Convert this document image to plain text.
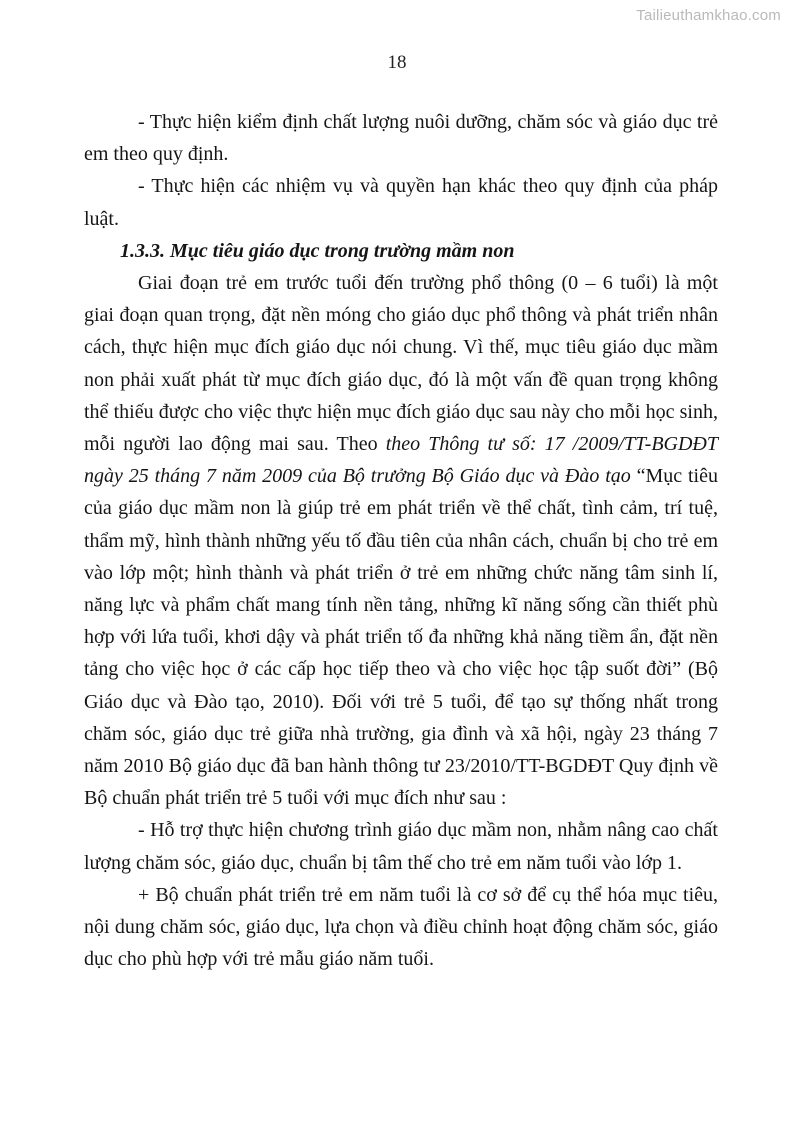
Tailieuthamkhao.com
18

- Thực hiện kiểm định chất lượng nuôi dưỡng, chăm sóc và giáo dục trẻ em theo quy định.

- Thực hiện các nhiệm vụ và quyền hạn khác theo quy định của pháp luật.

1.3.3. Mục tiêu giáo dục trong trường mầm non

Giai đoạn trẻ em trước tuổi đến trường phổ thông (0 – 6 tuổi) là một giai đoạn quan trọng, đặt nền móng cho giáo dục phổ thông và phát triển nhân cách, thực hiện mục đích giáo dục nói chung. Vì thế, mục tiêu giáo dục mầm non phải xuất phát từ mục đích giáo dục, đó là một vấn đề quan trọng không thể thiếu được cho việc thực hiện mục đích giáo dục sau này cho mỗi học sinh, mỗi người lao động mai sau. Theo theo Thông tư số: 17 /2009/TT-BGDĐT ngày 25 tháng 7 năm 2009 của Bộ trưởng Bộ Giáo dục và Đào tạo “Mục tiêu của giáo dục mầm non là giúp trẻ em phát triển về thể chất, tình cảm, trí tuệ, thẩm mỹ, hình thành những yếu tố đầu tiên của nhân cách, chuẩn bị cho trẻ em vào lớp một; hình thành và phát triển ở trẻ em những chức năng tâm sinh lí, năng lực và phẩm chất mang tính nền tảng, những kĩ năng sống cần thiết phù hợp với lứa tuổi, khơi dậy và phát triển tố đa những khả năng tiềm ẩn, đặt nền tảng cho việc học ở các cấp học tiếp theo và cho việc học tập suốt đời” (Bộ Giáo dục và Đào tạo, 2010). Đối với trẻ 5 tuổi, để tạo sự thống nhất trong chăm sóc, giáo dục trẻ giữa nhà trường, gia đình và xã hội, ngày 23 tháng 7 năm 2010 Bộ giáo dục đã ban hành thông tư 23/2010/TT-BGDĐT Quy định về Bộ chuẩn phát triển trẻ 5 tuổi với mục đích như sau :

- Hỗ trợ thực hiện chương trình giáo dục mầm non, nhằm nâng cao chất lượng chăm sóc, giáo dục, chuẩn bị tâm thế cho trẻ em năm tuổi vào lớp 1.

+ Bộ chuẩn phát triển trẻ em năm tuổi là cơ sở để cụ thể hóa mục tiêu, nội dung chăm sóc, giáo dục, lựa chọn và điều chỉnh hoạt động chăm sóc, giáo dục cho phù hợp với trẻ mẫu giáo năm tuổi.
